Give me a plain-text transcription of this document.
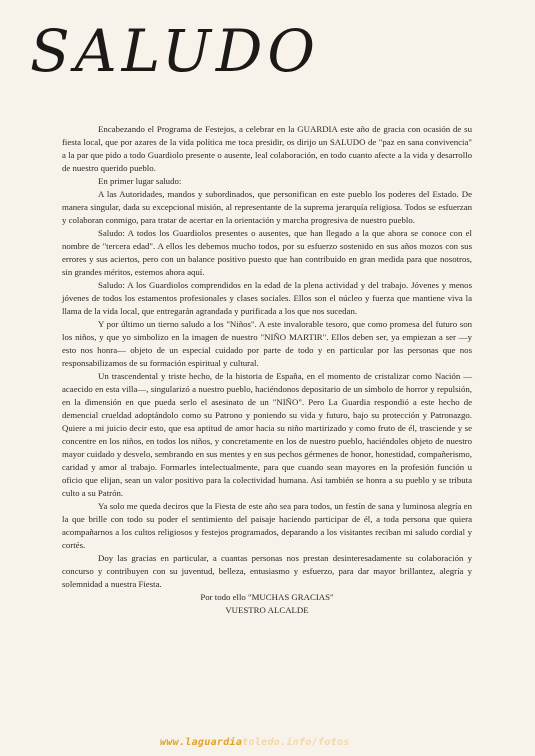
SALUDO

Encabezando el Programa de Festejos, a celebrar en la GUARDIA este año de gracia con ocasión de su fiesta local, que por azares de la vida política me toca presidir, os dirijo un SALUDO de "paz en sana convivencia" a la par que pido a todo Guardiolo presente o ausente, leal colaboración, en todo cuanto afecte a la vida y desarrollo de nuestro querido pueblo.

En primer lugar saludo:

A las Autoridades, mandos y subordinados, que personifican en este pueblo los poderes del Estado. De manera singular, dada su excepcional misión, al representante de la suprema jerarquía religiosa. Todos se esfuerzan y colaboran conmigo, para tratar de acertar en la orientación y marcha progresiva de nuestro pueblo.

Saludo: A todos los Guardiolos presentes o ausentes, que han llegado a la que ahora se conoce con el nombre de "tercera edad". A ellos les debemos mucho todos, por su esfuerzo sostenido en sus años mozos con sus errores y sus aciertos, pero con un balance positivo puesto que han contribuido en gran medida para que nosotros, sin grandes méritos, estemos ahora aquí.

Saludo: A los Guardiolos comprendidos en la edad de la plena actividad y del trabajo. Jóvenes y menos jóvenes de todos los estamentos profesionales y clases sociales. Ellos son el núcleo y fuerza que mantiene viva la llama de la vida local, que entregarán agrandada y purificada a los que nos sucedan.

Y por último un tierno saludo a los "Niños". A este invalorable tesoro, que como promesa del futuro son los niños, y que yo simbolizo en la imagen de nuestro "NIÑO MARTIR". Ellos deben ser, ya empiezan a ser —y esto nos honra— objeto de un especial cuidado por parte de todo y en particular por las personas que nos responsabilizamos de su formación espiritual y cultural.

Un trascendental y triste hecho, de la historia de España, en el momento de cristalizar como Nación —acaecido en esta villa—, singularizó a nuestro pueblo, haciéndonos depositario de un símbolo de horror y repulsión, en la dimensión en que pueda serlo el asesinato de un "NIÑO". Pero La Guardia respondió a este hecho de demencial crueldad adoptándolo como su Patrono y poniendo su vida y futuro, bajo su protección y Patronazgo. Quiere a mi juicio decir esto, que esa aptitud de amor hacia su niño martirizado y como fruto de él, trasciende y se concentre en los niños, en todos los niños, y concretamente en los de nuestro pueblo, haciéndoles objeto de nuestro mayor cuidado y desvelo, sembrando en sus mentes y en sus pechos gérmenes de honor, honestidad, compañerismo, caridad y amor al trabajo. Formarles intelectualmente, para que cuando sean mayores en la profesión función u oficio que elijan, sean un valor positivo para la colectividad humana. Así también se honra a su pueblo y se tributa culto a su Patrón.

Ya solo me queda deciros que la Fiesta de este año sea para todos, un festín de sana y luminosa alegría en la que brille con todo su poder el sentimiento del paisaje haciendo participar de él, a toda persona que quiera acompañarnos a los cultos religiosos y festejos programados, deparando a los visitantes reciban mi saludo cordial y cortés.

Doy las gracias en particular, a cuantas personas nos prestan desinteresadamente su colaboración y concurso y contribuyen con su juventud, belleza, entusiasmo y esfuerzo, para dar mayor brillantez, alegría y solemnidad a nuestra Fiesta.

Por todo ello "MUCHAS GRACIAS"

VUESTRO ALCALDE

www.laguardiatoledo.info/fotos
